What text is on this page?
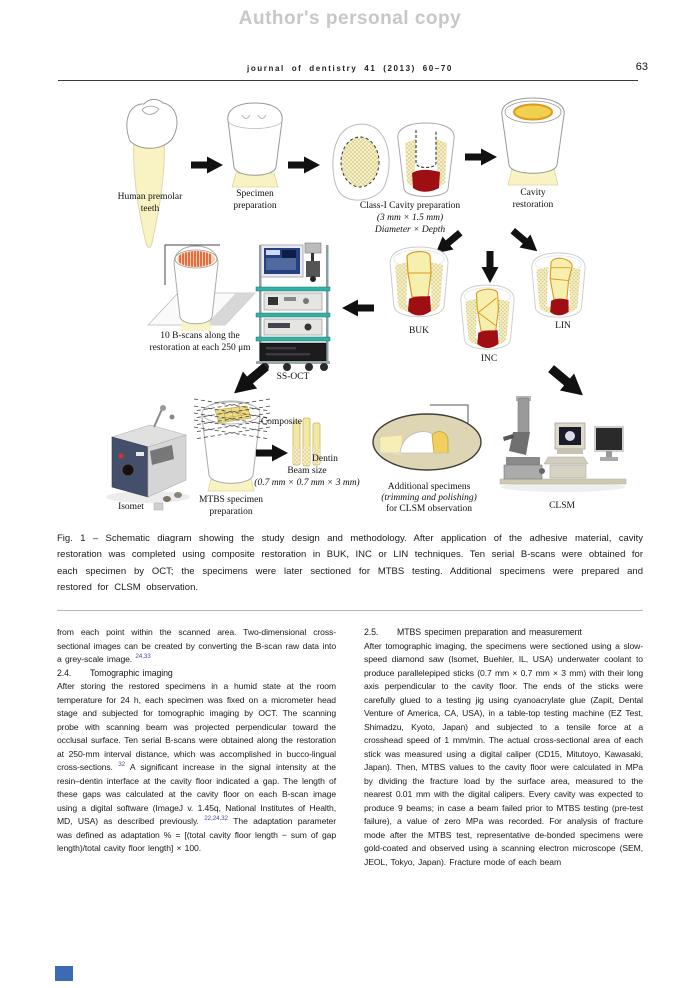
Author's personal copy
journal of dentistry 41 (2013) 60–70	63
Human premolar
teeth
Specimen
preparation	Class-I Cavity preparation
(3 mm × 1.5 mm)
Diameter × Depth
Cavity
restoration
BUK
INC
LIN
SS-OCT
10 B-scans along the
restoration at each 250 μm
Isomet
MTBS specimen
preparation
Composite
Dentin
Beam size
(0.7 mm × 0.7 mm × 3 mm)	Additional specimens
(trimming and polishing)
for CLSM observation	CLSM
Fig. 1 – Schematic diagram showing the study design and methodology. After application of the adhesive material, cavity restoration was completed using composite restoration in BUK, INC or LIN techniques. Ten serial B-scans were obtained for each specimen by OCT; the specimens were later sectioned for MTBS testing. Additional specimens were prepared and restored for CLSM observation.

from each point within the scanned area. Two-dimensional cross-sectional images can be created by converting the B-scan raw data into a grey-scale image. $^{24,33}$

2.4. Tomographic imaging

After storing the restored specimens in a humid state at the room temperature for 24 h, each specimen was fixed on a micrometer head stage and subjected for tomographic imaging by OCT. The scanning probe with scanning beam was projected perpendicular toward the occlusal surface. Ten serial B-scans were obtained along the restoration at 250-mm interval distance, which was accomplished in bucco-lingual cross-sections. $^{32}$ A significant increase in the signal intensity at the resin–dentin interface at the cavity floor indicated a gap. The length of these gaps was calculated at the cavity floor on each B-scan image using a digital software (ImageJ v. 1.45q, National Institutes of Health, MD, USA) as described previously. $^{22,24,32}$ The adaptation parameter was defined as adaptation % = [(total cavity floor length − sum of gap length)/total cavity floor length] × 100.

2.5. MTBS specimen preparation and measurement

After tomographic imaging, the specimens were sectioned using a slow-speed diamond saw (Isomet, Buehler, IL, USA) underwater coolant to produce parallelepiped sticks (0.7 mm × 0.7 mm × 3 mm) with their long axis perpendicular to the cavity floor. The ends of the sticks were carefully glued to a testing jig using cyanoacrylate glue (Zapit, Dental Venture of America, CA, USA), in a table-top testing machine (EZ Test, Shimadzu, Kyoto, Japan) and subjected to a tensile force at a crosshead speed of 1 mm/min. The actual cross-sectional area of each stick was measured using a digital caliper (CD15, Mitutoyo, Kawasaki, Japan). Then, MTBS values to the cavity floor were calculated in MPa by dividing the fracture load by the surface area, measured to the nearest 0.01 mm with the digital calipers. Every cavity was expected to produce 9 beams; in case a beam failed prior to MTBS testing (pre-test failure), a value of zero MPa was recorded. For analysis of fracture mode after the MTBS test, representative de-bonded specimens were gold-coated and observed using a scanning electron microscope (SEM, JEOL, Tokyo, Japan). Fracture mode of each beam
